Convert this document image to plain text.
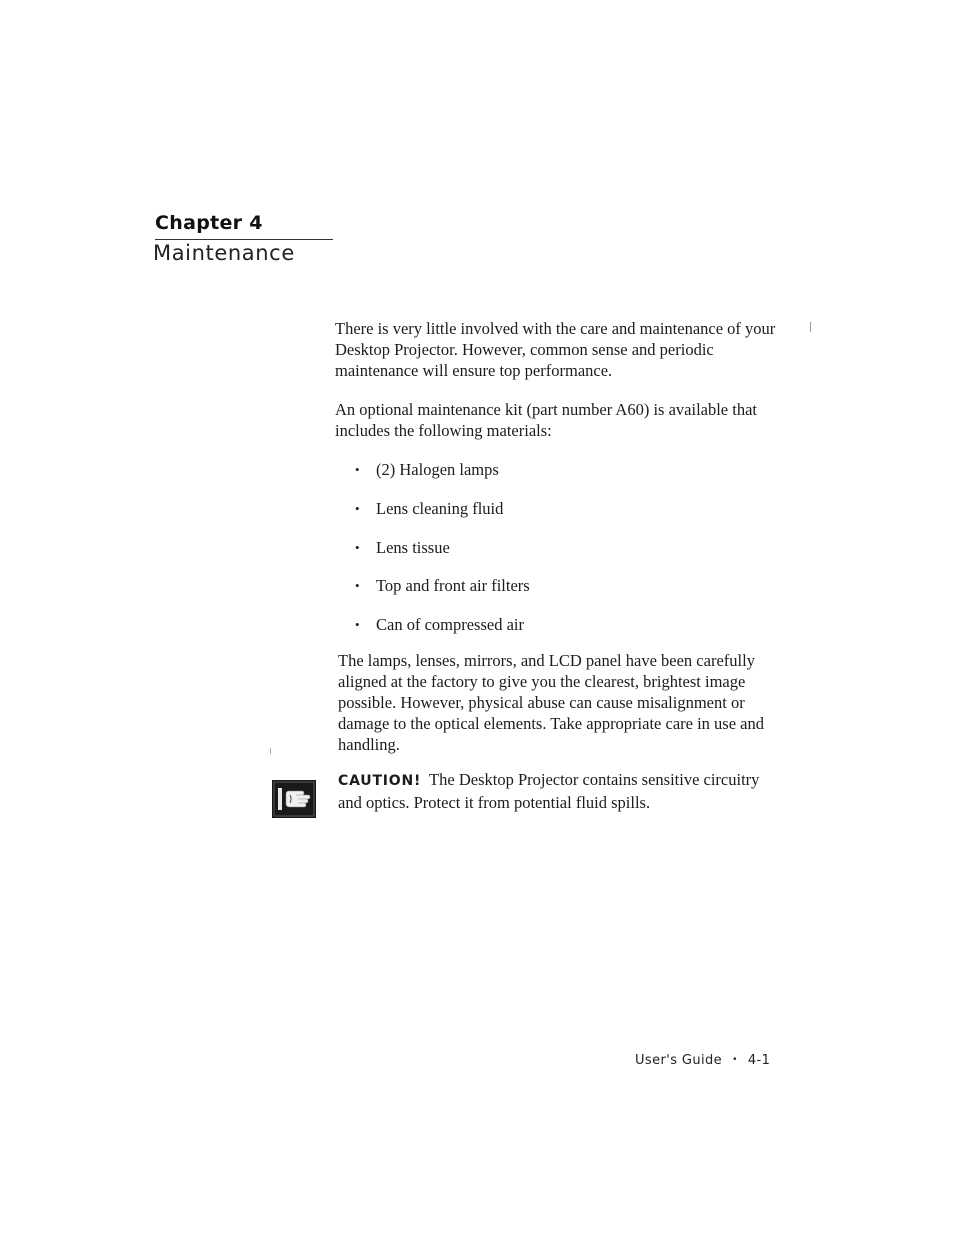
Chapter 4
Maintenance

There is very little involved with the care and maintenance of your Desktop Projector. However, common sense and periodic maintenance will ensure top performance.

An optional maintenance kit (part number A60) is available that includes the following materials:

• (2) Halogen lamps
• Lens cleaning fluid
• Lens tissue
• Top and front air filters
• Can of compressed air

The lamps, lenses, mirrors, and LCD panel have been carefully aligned at the factory to give you the clearest, brightest image possible. However, physical abuse can cause misalignment or damage to the optical elements. Take appropriate care in use and handling.

CAUTION! The Desktop Projector contains sensitive circuitry and optics. Protect it from potential fluid spills.

User's Guide • 4-1
